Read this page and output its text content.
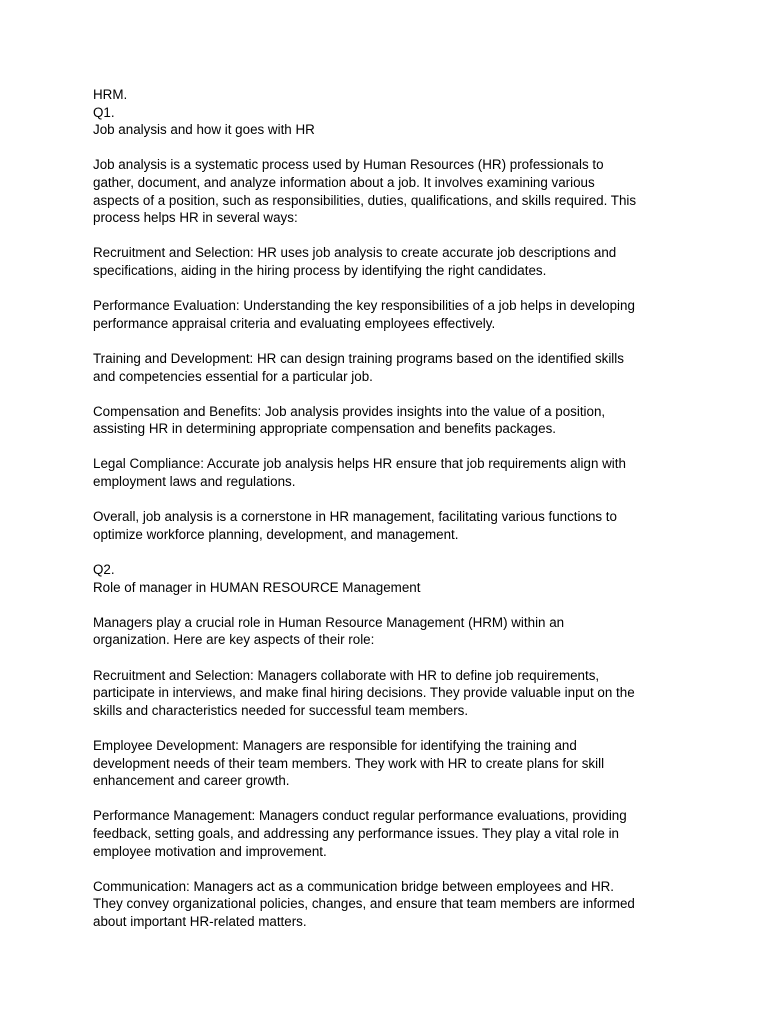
HRM.
Q1.
Job analysis and how it goes with HR
Job analysis is a systematic process used by Human Resources (HR) professionals to
gather, document, and analyze information about a job. It involves examining various
aspects of a position, such as responsibilities, duties, qualifications, and skills required. This
process helps HR in several ways:
Recruitment and Selection: HR uses job analysis to create accurate job descriptions and
specifications, aiding in the hiring process by identifying the right candidates.
Performance Evaluation: Understanding the key responsibilities of a job helps in developing
performance appraisal criteria and evaluating employees effectively.
Training and Development: HR can design training programs based on the identified skills
and competencies essential for a particular job.
Compensation and Benefits: Job analysis provides insights into the value of a position,
assisting HR in determining appropriate compensation and benefits packages.
Legal Compliance: Accurate job analysis helps HR ensure that job requirements align with
employment laws and regulations.
Overall, job analysis is a cornerstone in HR management, facilitating various functions to
optimize workforce planning, development, and management.
Q2.
Role of manager in HUMAN RESOURCE Management
Managers play a crucial role in Human Resource Management (HRM) within an
organization. Here are key aspects of their role:
Recruitment and Selection: Managers collaborate with HR to define job requirements,
participate in interviews, and make final hiring decisions. They provide valuable input on the
skills and characteristics needed for successful team members.
Employee Development: Managers are responsible for identifying the training and
development needs of their team members. They work with HR to create plans for skill
enhancement and career growth.
Performance Management: Managers conduct regular performance evaluations, providing
feedback, setting goals, and addressing any performance issues. They play a vital role in
employee motivation and improvement.
Communication: Managers act as a communication bridge between employees and HR.
They convey organizational policies, changes, and ensure that team members are informed
about important HR-related matters.
